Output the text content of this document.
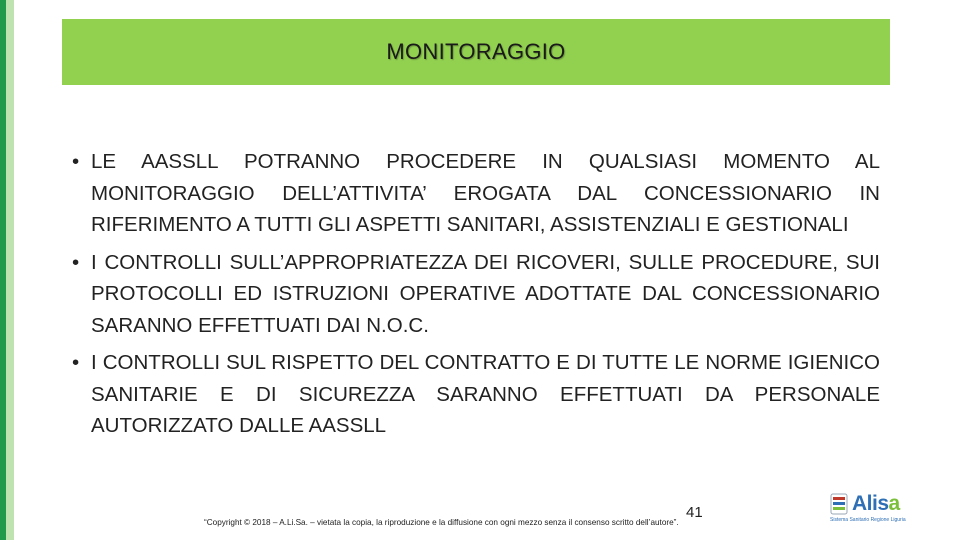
MONITORAGGIO
• LE AASSLL POTRANNO PROCEDERE IN QUALSIASI MOMENTO AL MONITORAGGIO DELL’ATTIVITA’ EROGATA DAL CONCESSIONARIO IN RIFERIMENTO A TUTTI GLI ASPETTI SANITARI, ASSISTENZIALI E GESTIONALI
• I CONTROLLI SULL’APPROPRIATEZZA DEI RICOVERI, SULLE PROCEDURE, SUI PROTOCOLLI ED ISTRUZIONI OPERATIVE ADOTTATE DAL CONCESSIONARIO SARANNO EFFETTUATI DAI N.O.C.
• I CONTROLLI SUL RISPETTO DEL CONTRATTO E DI TUTTE LE NORME IGIENICO SANITARIE E DI SICUREZZA SARANNO EFFETTUATI DA PERSONALE AUTORIZZATO DALLE AASSLL
41
“Copyright © 2018 – A.Li.Sa. – vietata la copia, la riproduzione e la diffusione con ogni mezzo senza il consenso scritto dell’autore”.
Alisa
Sistema Sanitario Regione Liguria
